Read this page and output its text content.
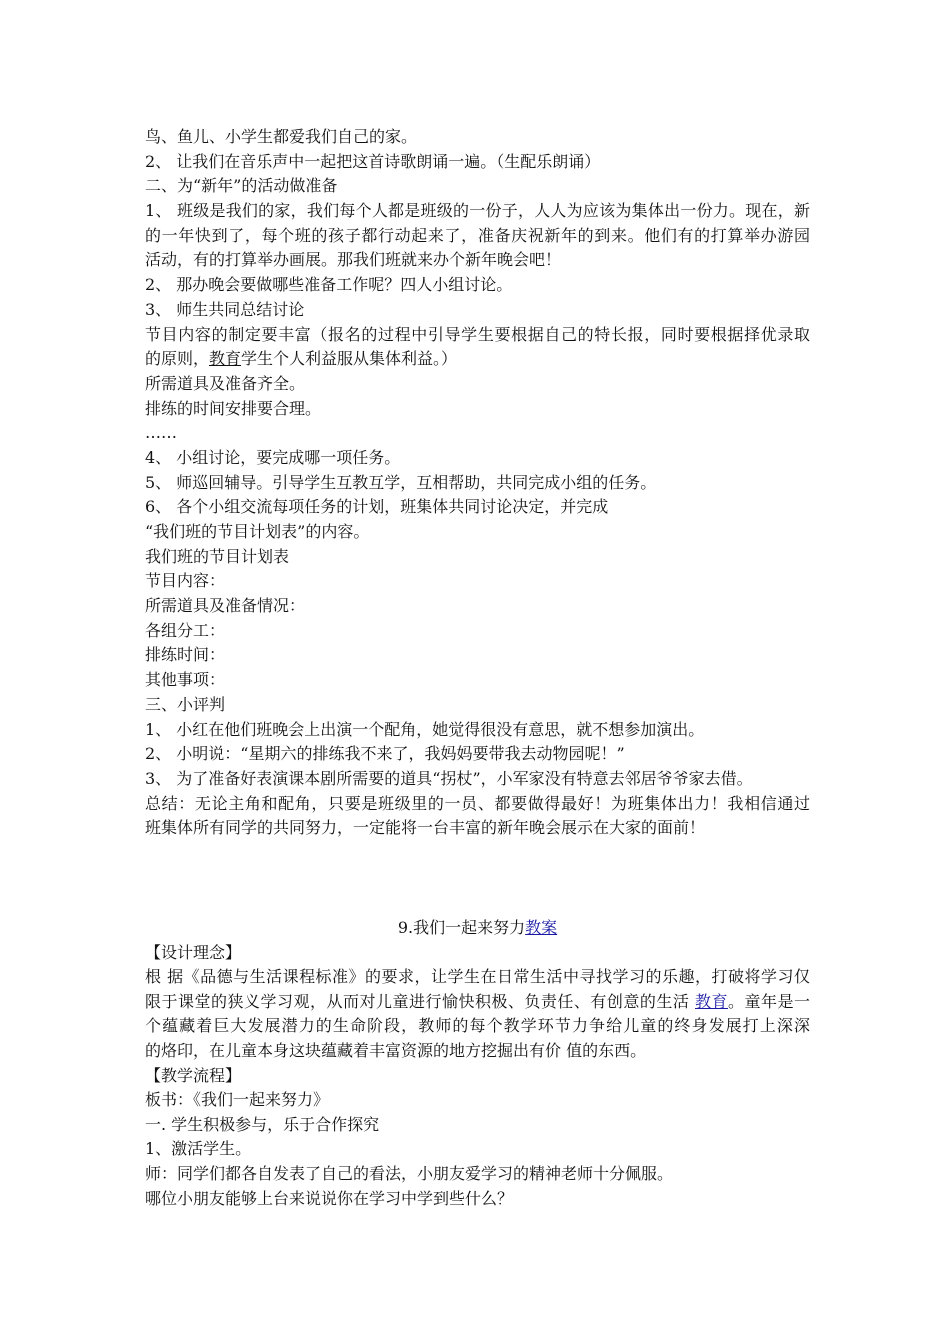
鸟、鱼儿、小学生都爱我们自己的家。
2、 让我们在音乐声中一起把这首诗歌朗诵一遍。（生配乐朗诵）
二、为“新年”的活动做准备
1、 班级是我们的家，我们每个人都是班级的一份子，人人为应该为集体出一份力。现在，新
的一年快到了，每个班的孩子都行动起来了，准备庆祝新年的到来。他们有的打算举办游园
活动，有的打算举办画展。那我们班就来办个新年晚会吧！
2、 那办晚会要做哪些准备工作呢？四人小组讨论。
3、 师生共同总结讨论
节目内容的制定要丰富（报名的过程中引导学生要根据自己的特长报，同时要根据择优录取
的原则，教育学生个人利益服从集体利益。）
所需道具及准备齐全。
排练的时间安排要合理。
……
4、 小组讨论，要完成哪一项任务。
5、 师巡回辅导。引导学生互教互学，互相帮助，共同完成小组的任务。
6、 各个小组交流每项任务的计划，班集体共同讨论决定，并完成
“我们班的节目计划表”的内容。
我们班的节目计划表
节目内容：
所需道具及准备情况：
各组分工：
排练时间：
其他事项：
三、小评判
1、 小红在他们班晚会上出演一个配角，她觉得很没有意思，就不想参加演出。
2、 小明说：“星期六的排练我不来了，我妈妈要带我去动物园呢！”
3、 为了准备好表演课本剧所需要的道具“拐杖”，小军家没有特意去邻居爷爷家去借。
总结：无论主角和配角，只要是班级里的一员、都要做得最好！为班集体出力！我相信通过
班集体所有同学的共同努力，一定能将一台丰富的新年晚会展示在大家的面前！
9.我们一起来努力教案
【设计理念】
根 据《品德与生活课程标准》的要求，让学生在日常生活中寻找学习的乐趣，打破将学习仅
限于课堂的狭义学习观，从而对儿童进行愉快积极、负责任、有创意的生活 教育。童年是一
个蕴藏着巨大发展潜力的生命阶段，教师的每个教学环节力争给儿童的终身发展打上深深
的烙印，在儿童本身这块蕴藏着丰富资源的地方挖掘出有价 值的东西。
【教学流程】
板书：《我们一起来努力》
一. 学生积极参与，乐于合作探究
1、激活学生。
师：同学们都各自发表了自己的看法，小朋友爱学习的精神老师十分佩服。
哪位小朋友能够上台来说说你在学习中学到些什么？
